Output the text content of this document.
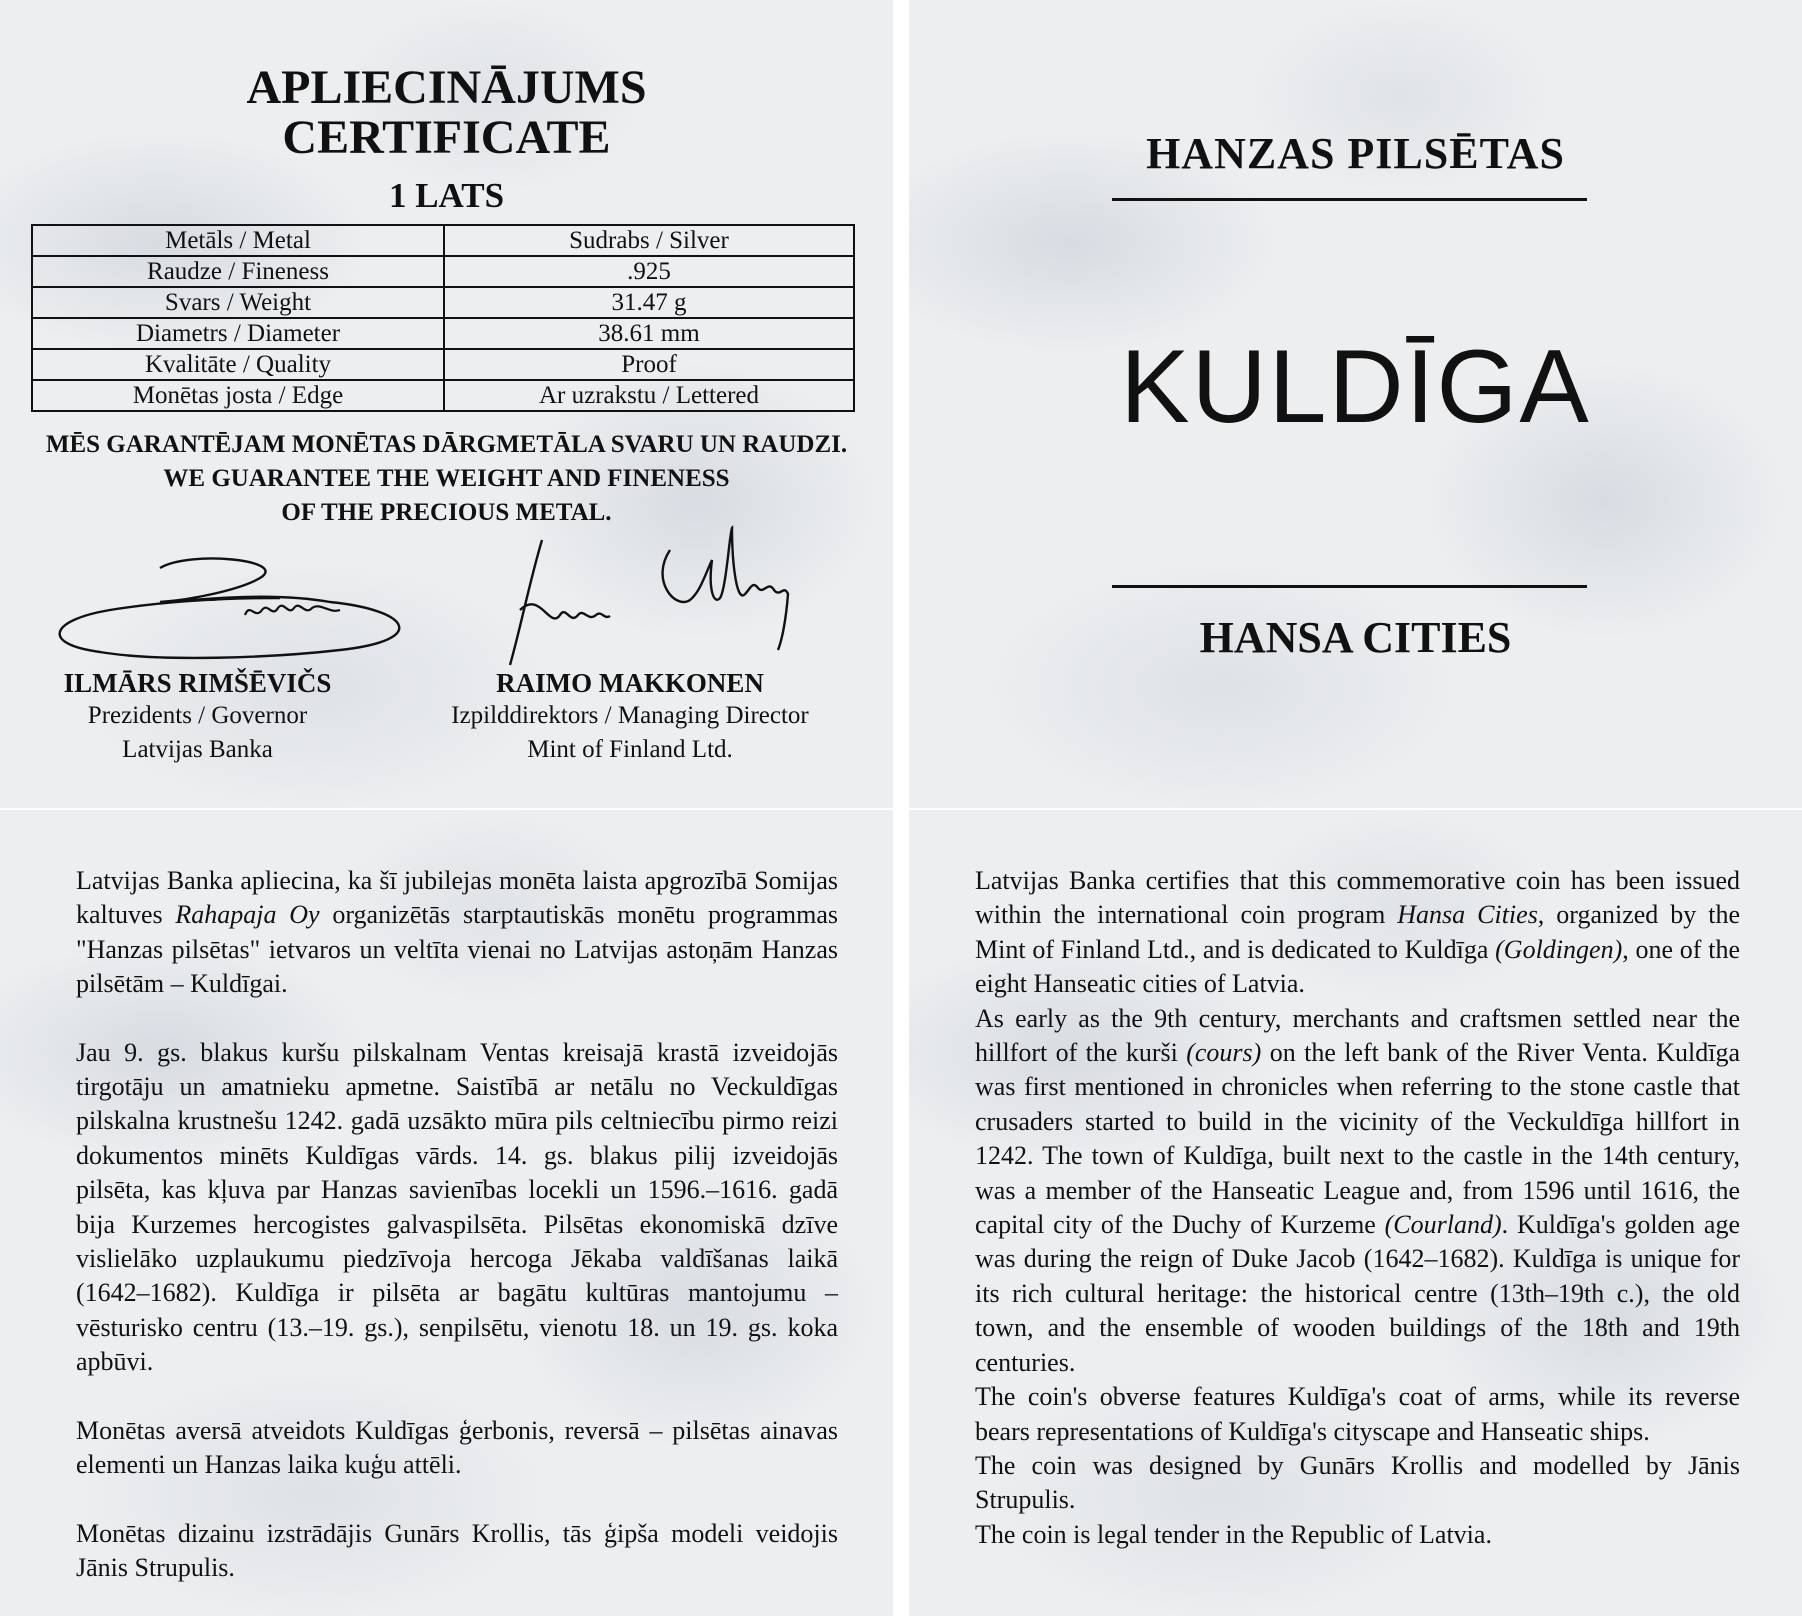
APLIECINĀJUMS
CERTIFICATE
1 LATS
Metāls / Metal	Sudrabs / Silver
Raudze / Fineness	.925
Svars / Weight	31.47 g
Diametrs / Diameter	38.61 mm
Kvalitāte / Quality	Proof
Monētas josta / Edge	Ar uzrakstu / Lettered
MĒS GARANTĒJAM MONĒTAS DĀRGMETĀLA SVARU UN RAUDZI.
WE GUARANTEE THE WEIGHT AND FINENESS
OF THE PRECIOUS METAL.
ILMĀRS RIMŠĒVIČS
Prezidents / Governor
Latvijas Banka
RAIMO MAKKONEN
Izpilddirektors / Managing Director
Mint of Finland Ltd.
HANZAS PILSĒTAS
KULDĪGA
HANSA CITIES

Latvijas Banka apliecina, ka šī jubilejas monēta laista apgrozībā Somijas kaltuves Rahapaja Oy organizētās starptautiskās monētu programmas "Hanzas pilsētas" ietvaros un veltīta vienai no Latvijas astoņām Hanzas pilsētām – Kuldīgai.

Jau 9. gs. blakus kuršu pilskalnam Ventas kreisajā krastā izveidojās tirgotāju un amatnieku apmetne. Saistībā ar netālu no Veckuldīgas pilskalna krustnešu 1242. gadā uzsākto mūra pils celtniecību pirmo reizi dokumentos minēts Kuldīgas vārds. 14. gs. blakus pilij izveidojās pilsēta, kas kļuva par Hanzas savienības locekli un 1596.–1616. gadā bija Kurzemes hercogistes galvaspilsēta. Pilsētas ekonomiskā dzīve vislielāko uzplaukumu piedzīvoja hercoga Jēkaba valdīšanas laikā (1642–1682). Kuldīga ir pilsēta ar bagātu kultūras mantojumu – vēsturisko centru (13.–19. gs.), senpilsētu, vienotu 18. un 19. gs. koka apbūvi.

Monētas aversā atveidots Kuldīgas ģerbonis, reversā – pilsētas ainavas elementi un Hanzas laika kuģu attēli.

Monētas dizainu izstrādājis Gunārs Krollis, tās ģipša modeli veidojis Jānis Strupulis.

Latvijas Banka certifies that this commemorative coin has been issued within the international coin program Hansa Cities, organized by the Mint of Finland Ltd., and is dedicated to Kuldīga (Goldingen), one of the eight Hanseatic cities of Latvia.

As early as the 9th century, merchants and craftsmen settled near the hillfort of the kurši (cours) on the left bank of the River Venta. Kuldīga was first mentioned in chronicles when referring to the stone castle that crusaders started to build in the vicinity of the Veckuldīga hillfort in 1242. The town of Kuldīga, built next to the castle in the 14th century, was a member of the Hanseatic League and, from 1596 until 1616, the capital city of the Duchy of Kurzeme (Courland). Kuldīga's golden age was during the reign of Duke Jacob (1642–1682). Kuldīga is unique for its rich cultural heritage: the historical centre (13th–19th c.), the old town, and the ensemble of wooden buildings of the 18th and 19th centuries.

The coin's obverse features Kuldīga's coat of arms, while its reverse bears representations of Kuldīga's cityscape and Hanseatic ships.

The coin was designed by Gunārs Krollis and modelled by Jānis Strupulis.

The coin is legal tender in the Republic of Latvia.
